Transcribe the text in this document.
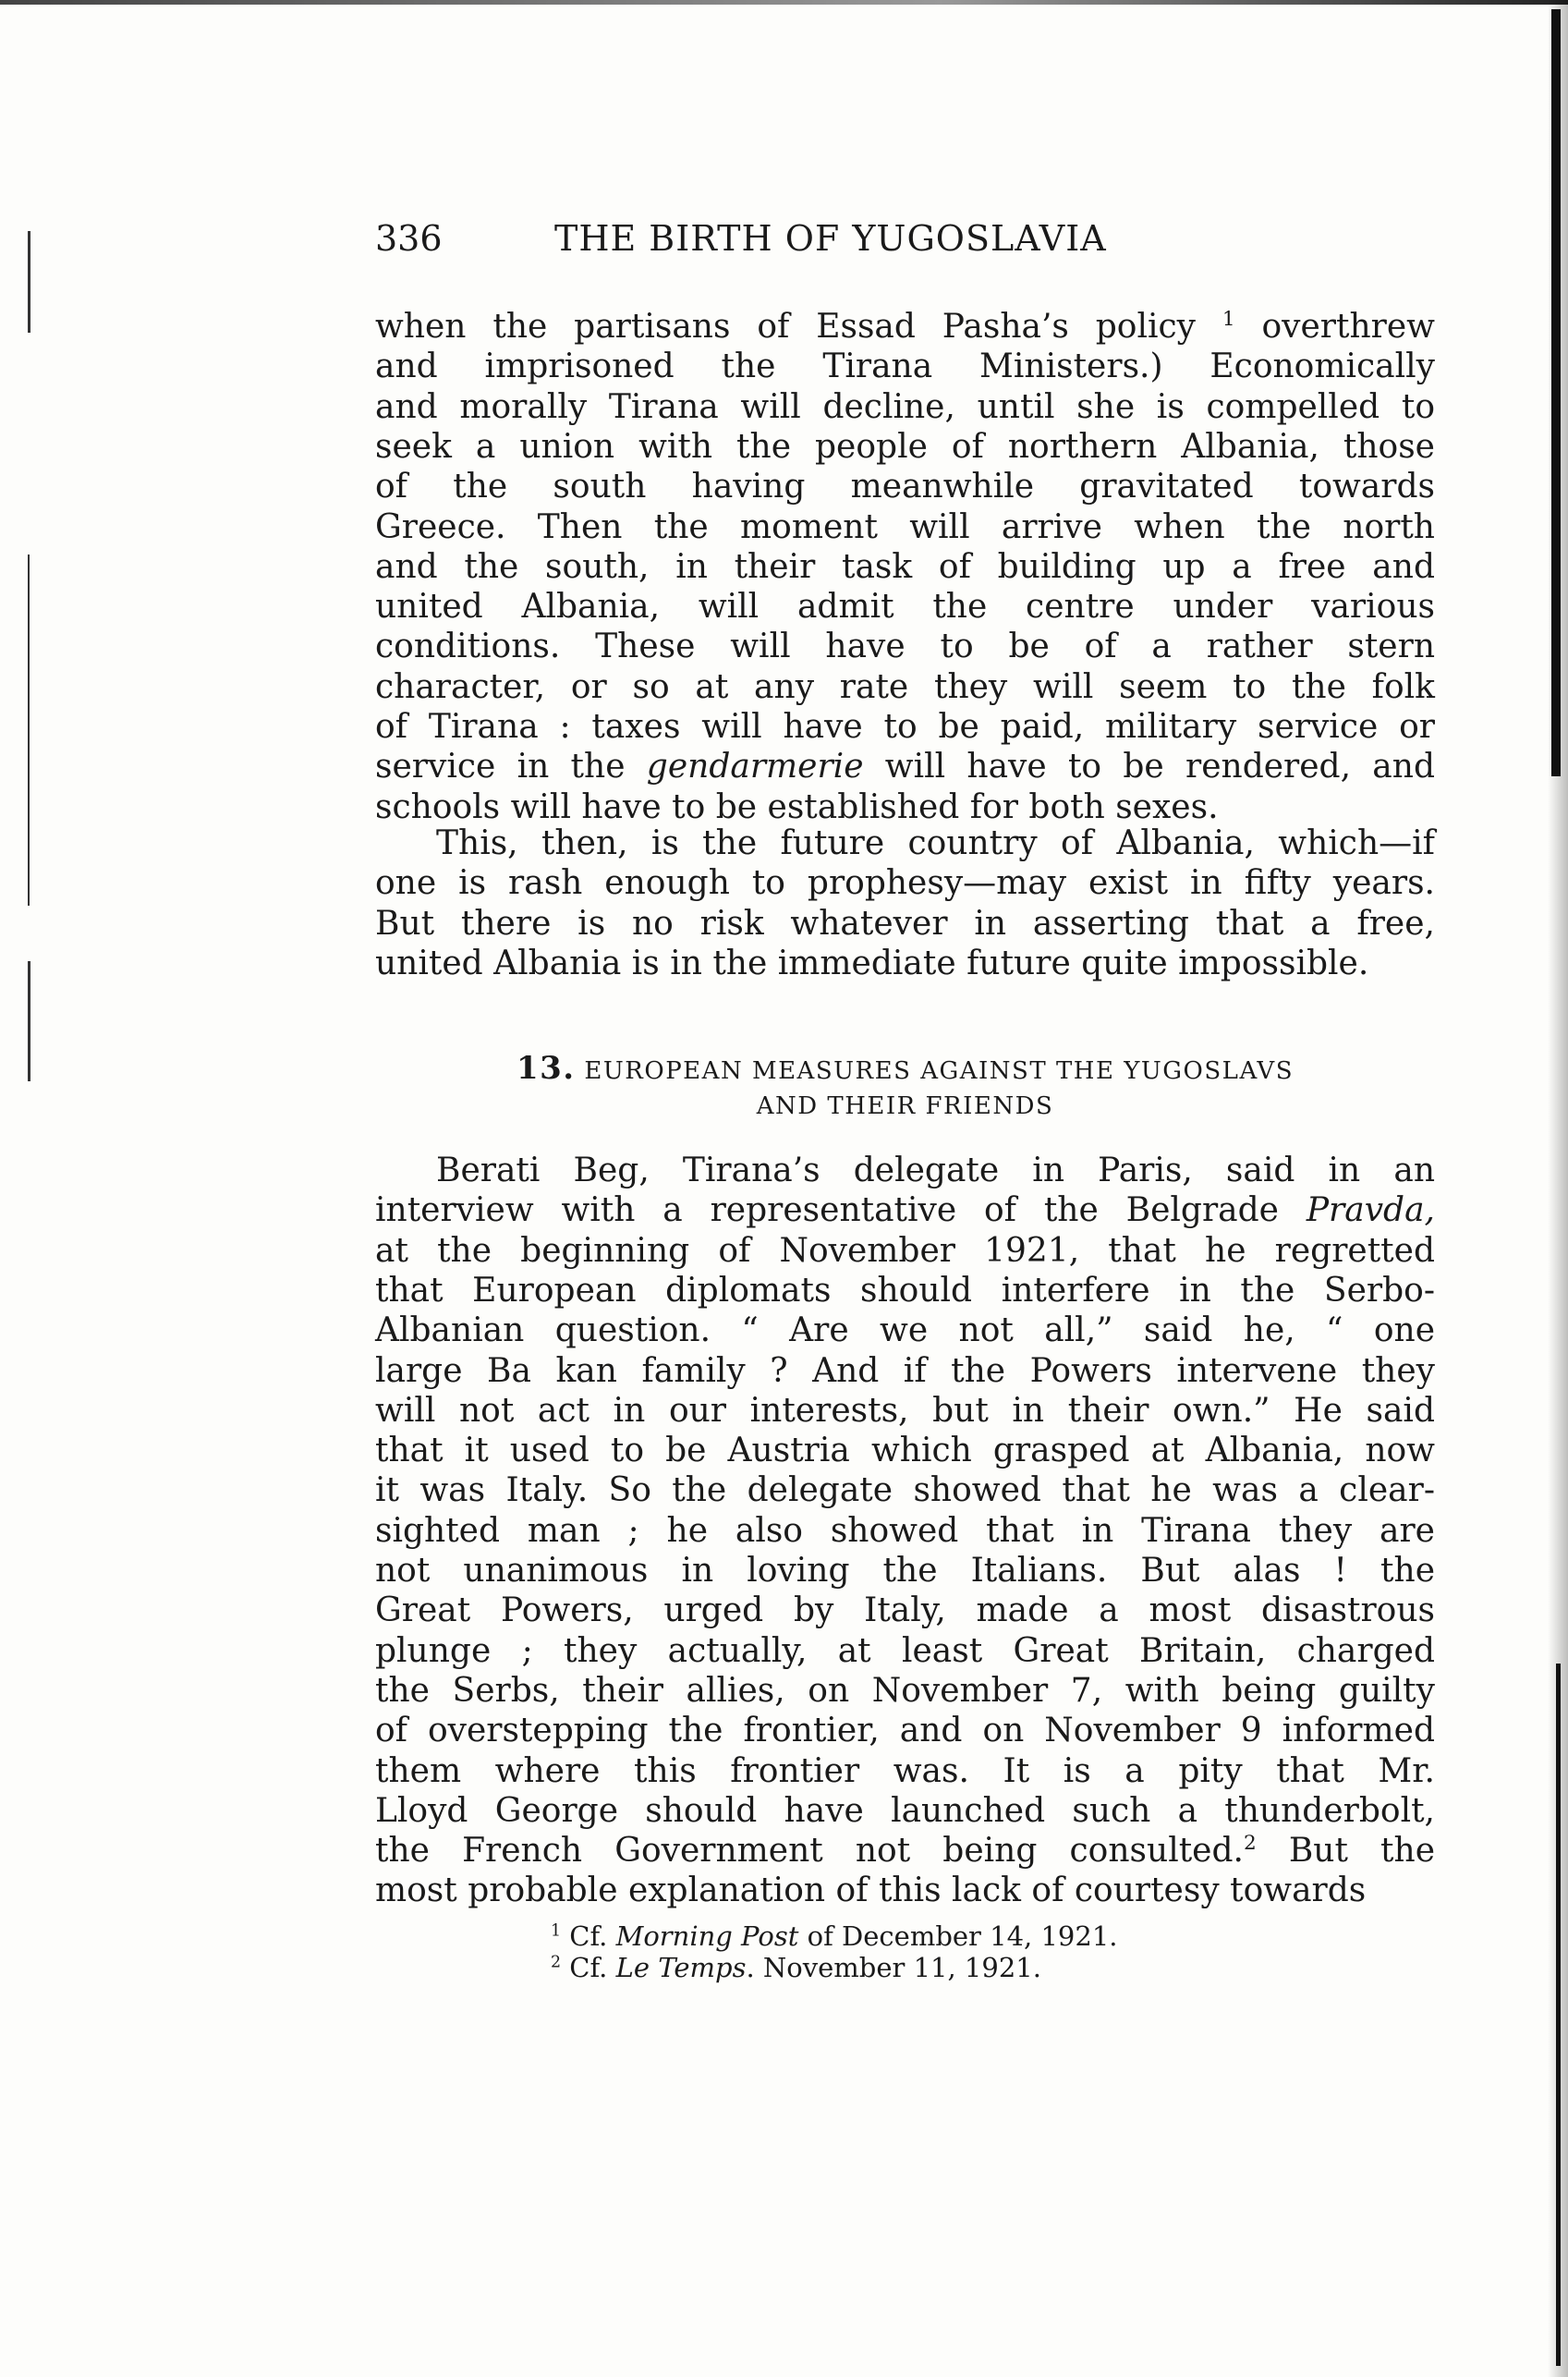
336	THE BIRTH OF YUGOSLAVIA
when the partisans of Essad Pasha’s policy $^1$ overthrew
and imprisoned the Tirana Ministers.) Economically
and morally Tirana will decline, until she is compelled to
seek a union with the people of northern Albania, those
of the south having meanwhile gravitated towards
Greece. Then the moment will arrive when the north
and the south, in their task of building up a free and
united Albania, will admit the centre under various
conditions. These will have to be of a rather stern
character, or so at any rate they will seem to the folk
of Tirana : taxes will have to be paid, military service or
service in the gendarmerie will have to be rendered, and
schools will have to be established for both sexes.
This, then, is the future country of Albania, which—if
one is rash enough to prophesy—may exist in fifty years.
But there is no risk whatever in asserting that a free,
united Albania is in the immediate future quite impossible.
Berati Beg, Tirana’s delegate in Paris, said in an
interview with a representative of the Belgrade Pravda,
at the beginning of November 1921, that he regretted
that European diplomats should interfere in the Serbo-
Albanian question. “ Are we not all,” said he, “ one
large Ba kan family ? And if the Powers intervene they
will not act in our interests, but in their own.” He said
that it used to be Austria which grasped at Albania, now
it was Italy. So the delegate showed that he was a clear-
sighted man ; he also showed that in Tirana they are
not unanimous in loving the Italians. But alas ! the
Great Powers, urged by Italy, made a most disastrous
plunge ; they actually, at least Great Britain, charged
the Serbs, their allies, on November 7, with being guilty
of overstepping the frontier, and on November 9 informed
them where this frontier was. It is a pity that Mr.
Lloyd George should have launched such a thunderbolt,
the French Government not being consulted.$^2$ But the
most probable explanation of this lack of courtesy towards
13. EUROPEAN MEASURES AGAINST THE YUGOSLAVS
AND THEIR FRIENDS
$^1$ Cf. Morning Post of December 14, 1921.
$^2$ Cf. Le Temps. November 11, 1921.
